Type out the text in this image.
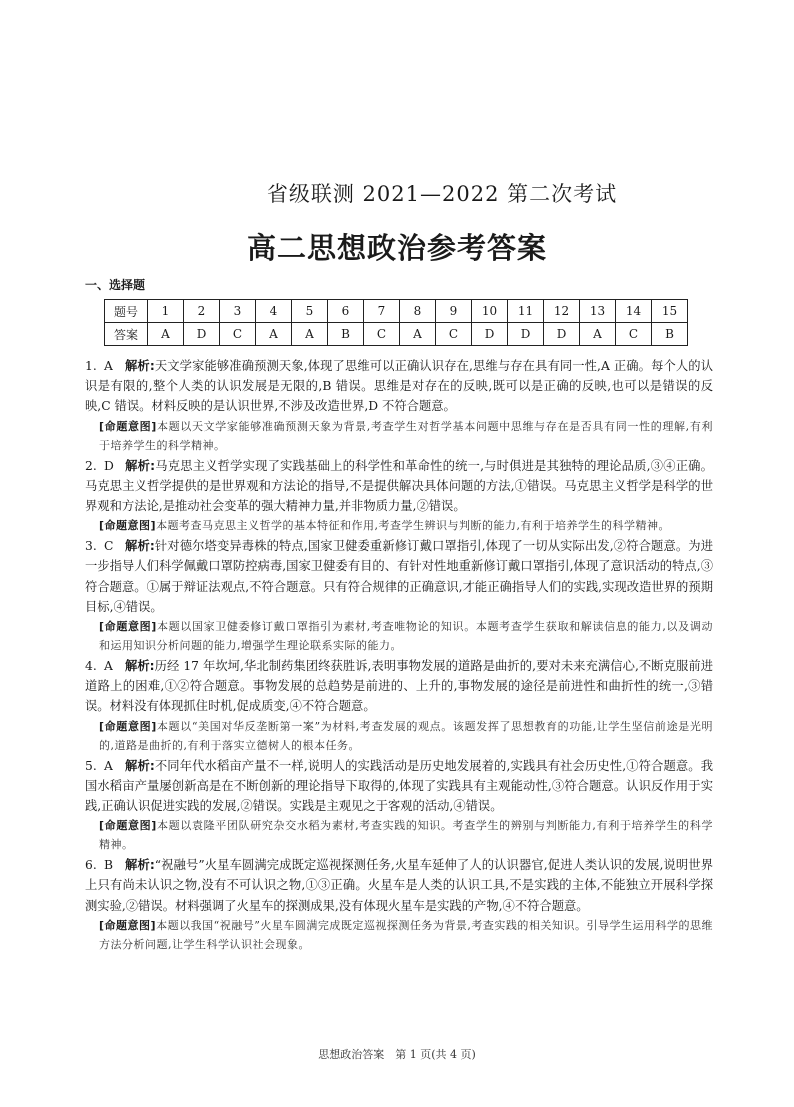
省级联测 2021—2022 第二次考试
高二思想政治参考答案
一、选择题
题号	1	2	3	4	5	6	7	8	9	10	11	12	13	14	15
答案	A	D	C	A	A	B	C	A	C	D	D	D	A	C	B
1. A 解析:天文学家能够准确预测天象,体现了思维可以正确认识存在,思维与存在具有同一性,A 正确。每个人的认识是有限的,整个人类的认识发展是无限的,B 错误。思维是对存在的反映,既可以是正确的反映,也可以是错误的反映,C 错误。材料反映的是认识世界,不涉及改造世界,D 不符合题意。
[命题意图]本题以天文学家能够准确预测天象为背景,考查学生对哲学基本问题中思维与存在是否具有同一性的理解,有利于培养学生的科学精神。
2. D 解析:马克思主义哲学实现了实践基础上的科学性和革命性的统一,与时俱进是其独特的理论品质,③④正确。马克思主义哲学提供的是世界观和方法论的指导,不是提供解决具体问题的方法,①错误。马克思主义哲学是科学的世界观和方法论,是推动社会变革的强大精神力量,并非物质力量,②错误。
[命题意图]本题考查马克思主义哲学的基本特征和作用,考查学生辨识与判断的能力,有利于培养学生的科学精神。
3. C 解析:针对德尔塔变异毒株的特点,国家卫健委重新修订戴口罩指引,体现了一切从实际出发,②符合题意。为进一步指导人们科学佩戴口罩防控病毒,国家卫健委有目的、有针对性地重新修订戴口罩指引,体现了意识活动的特点,③符合题意。①属于辩证法观点,不符合题意。只有符合规律的正确意识,才能正确指导人们的实践,实现改造世界的预期目标,④错误。
[命题意图]本题以国家卫健委修订戴口罩指引为素材,考查唯物论的知识。本题考查学生获取和解读信息的能力,以及调动和运用知识分析问题的能力,增强学生理论联系实际的能力。
4. A 解析:历经 17 年坎坷,华北制药集团终获胜诉,表明事物发展的道路是曲折的,要对未来充满信心,不断克服前进道路上的困难,①②符合题意。事物发展的总趋势是前进的、上升的,事物发展的途径是前进性和曲折性的统一,③错误。材料没有体现抓住时机,促成质变,④不符合题意。
[命题意图]本题以“美国对华反垄断第一案”为材料,考查发展的观点。该题发挥了思想教育的功能,让学生坚信前途是光明的,道路是曲折的,有利于落实立德树人的根本任务。
5. A 解析:不同年代水稻亩产量不一样,说明人的实践活动是历史地发展着的,实践具有社会历史性,①符合题意。我国水稻亩产量屡创新高是在不断创新的理论指导下取得的,体现了实践具有主观能动性,③符合题意。认识反作用于实践,正确认识促进实践的发展,②错误。实践是主观见之于客观的活动,④错误。
[命题意图]本题以袁隆平团队研究杂交水稻为素材,考查实践的知识。考查学生的辨别与判断能力,有利于培养学生的科学精神。
6. B 解析:“祝融号”火星车圆满完成既定巡视探测任务,火星车延伸了人的认识器官,促进人类认识的发展,说明世界上只有尚未认识之物,没有不可认识之物,①③正确。火星车是人类的认识工具,不是实践的主体,不能独立开展科学探测实验,②错误。材料强调了火星车的探测成果,没有体现火星车是实践的产物,④不符合题意。
[命题意图]本题以我国“祝融号”火星车圆满完成既定巡视探测任务为背景,考查实践的相关知识。引导学生运用科学的思维方法分析问题,让学生科学认识社会现象。
思想政治答案　第 1 页(共 4 页)
